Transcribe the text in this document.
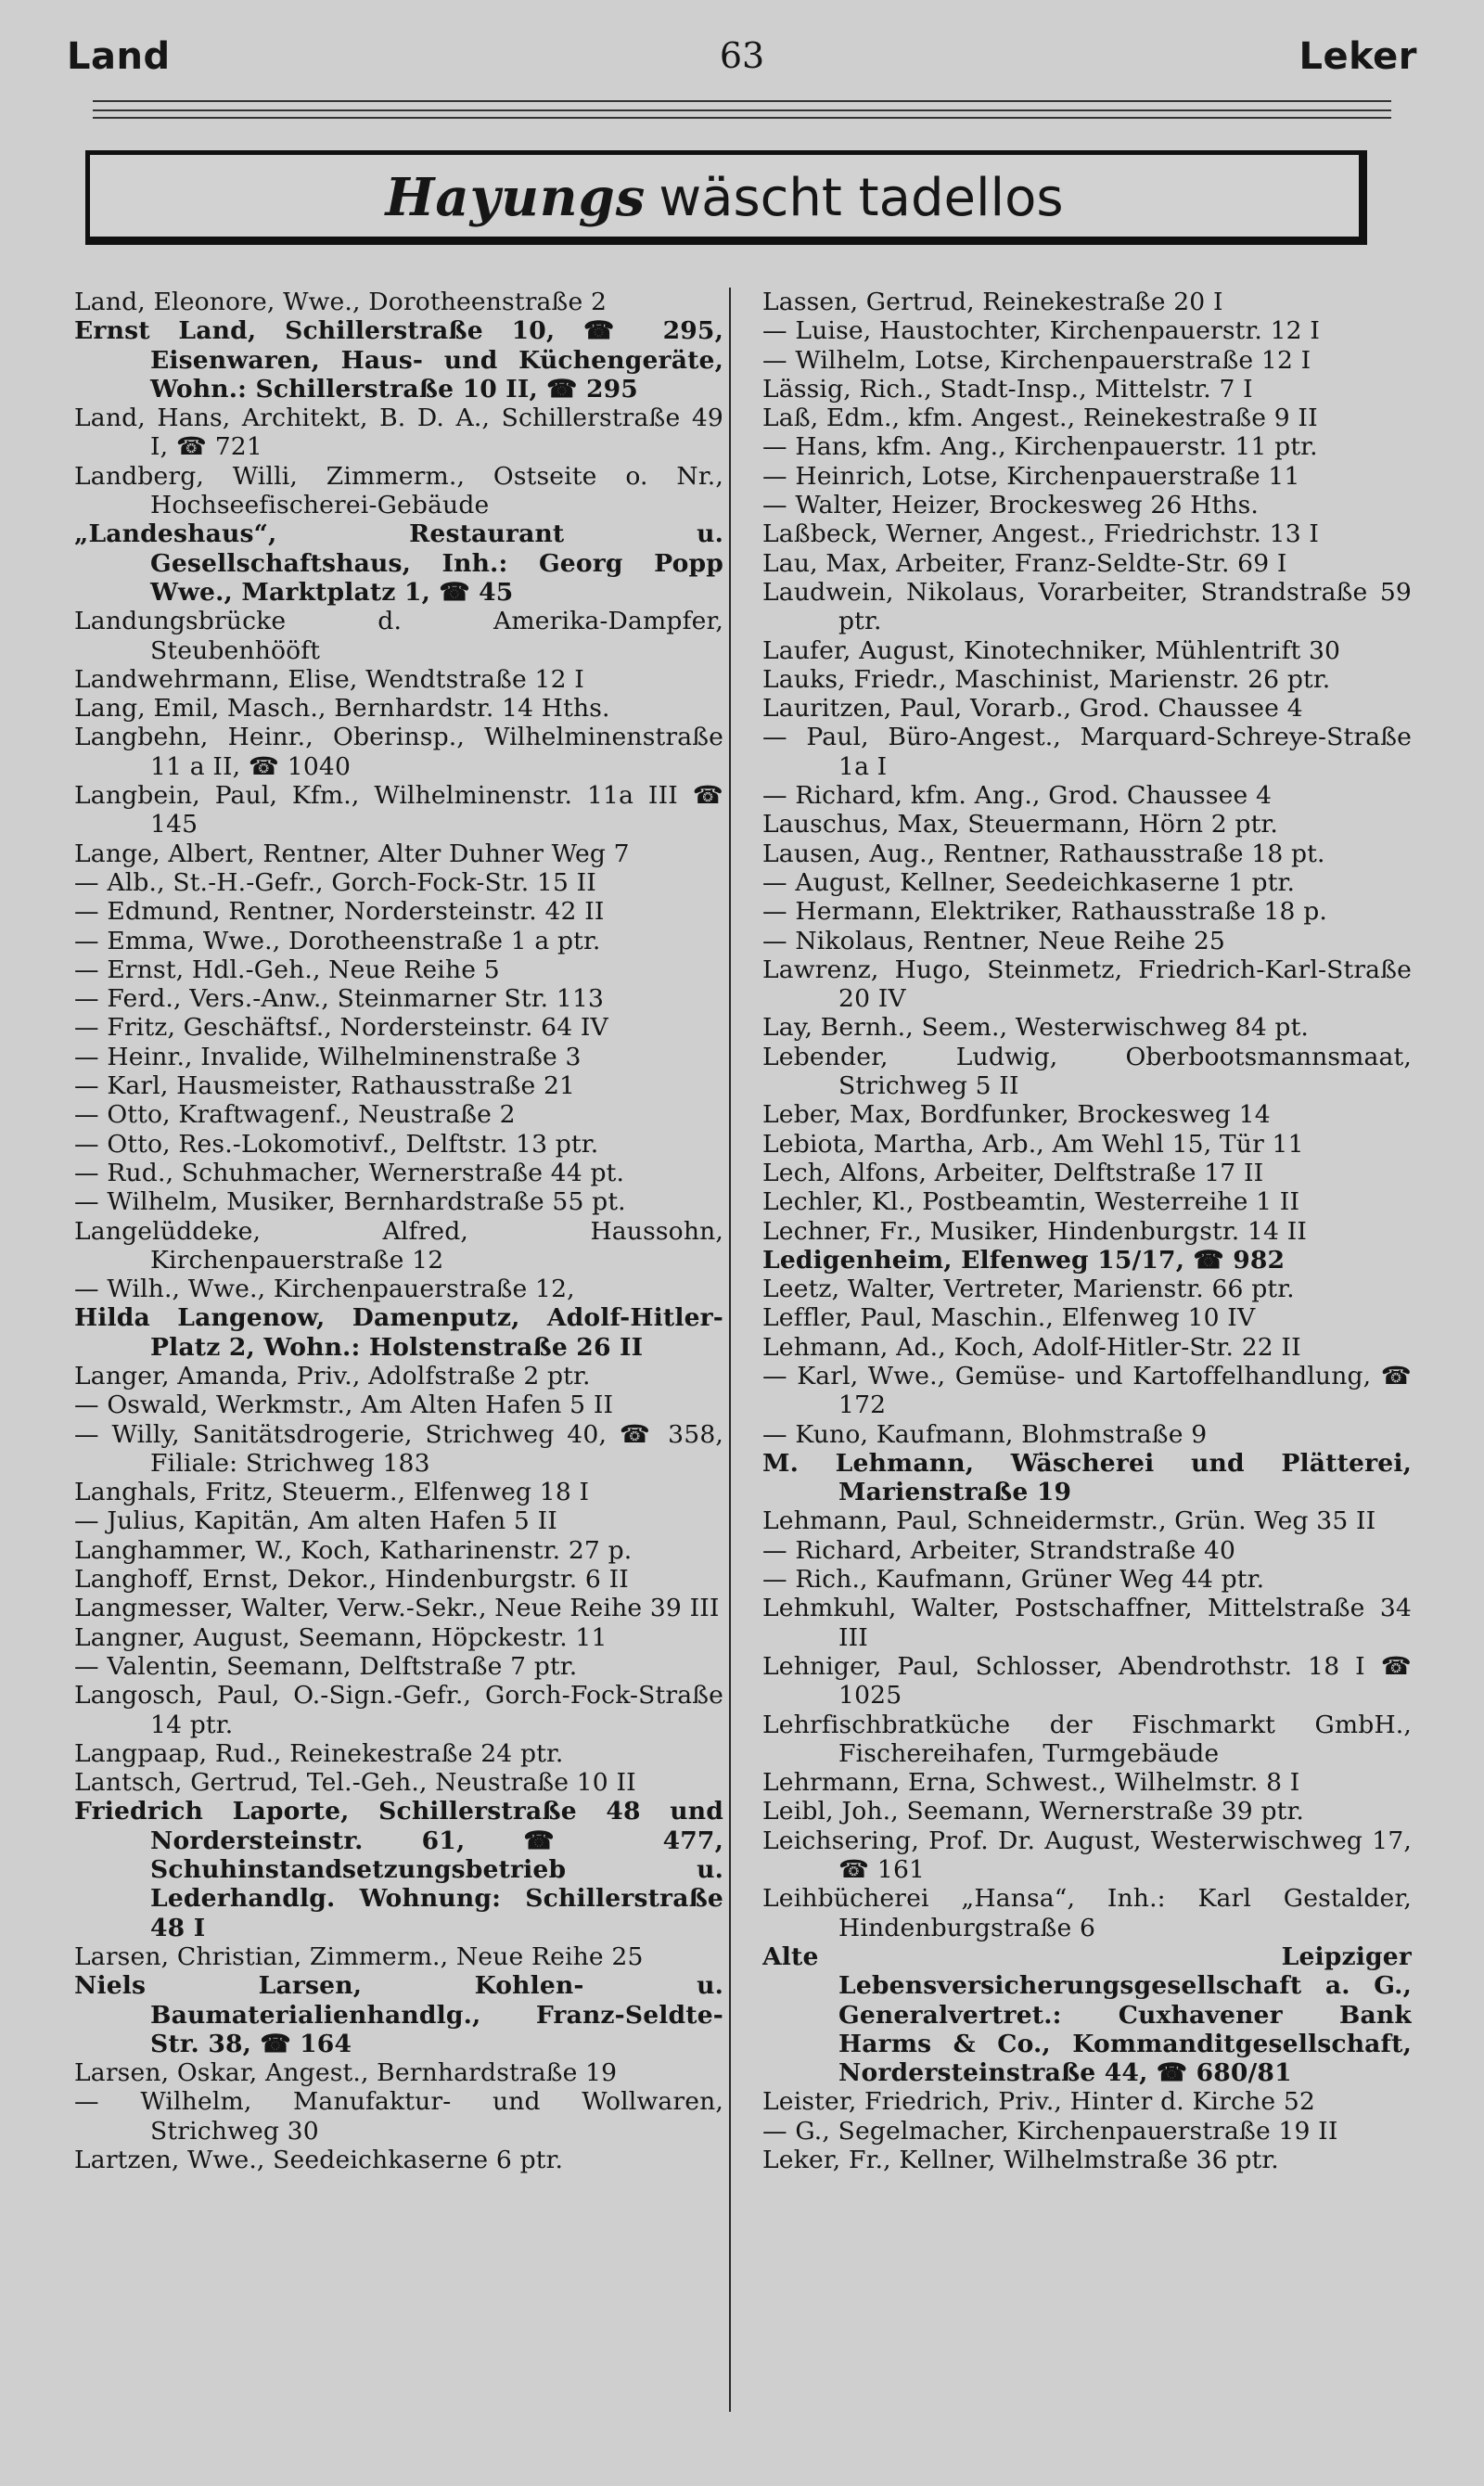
Land	63	Leker
Hayungs wäscht tadellos
Land, Eleonore, Wwe., Dorotheenstraße 2
Ernst Land, Schillerstraße 10, ☎ 295, Eisenwaren, Haus- und Küchengeräte, Wohn.: Schillerstraße 10 II, ☎ 295
Land, Hans, Architekt, B. D. A., Schillerstraße 49 I, ☎ 721
Landberg, Willi, Zimmerm., Ostseite o. Nr., Hochseefischerei-Gebäude
„Landeshaus“, Restaurant u. Gesellschaftshaus, Inh.: Georg Popp Wwe., Marktplatz 1, ☎ 45
Landungsbrücke d. Amerika-Dampfer, Steubenhööft
Landwehrmann, Elise, Wendtstraße 12 I
Lang, Emil, Masch., Bernhardstr. 14 Hths.
Langbehn, Heinr., Oberinsp., Wilhelminenstraße 11 a II, ☎ 1040
Langbein, Paul, Kfm., Wilhelminenstr. 11a III ☎ 145
Lange, Albert, Rentner, Alter Duhner Weg 7
— Alb., St.-H.-Gefr., Gorch-Fock-Str. 15 II
— Edmund, Rentner, Nordersteinstr. 42 II
— Emma, Wwe., Dorotheenstraße 1 a ptr.
— Ernst, Hdl.-Geh., Neue Reihe 5
— Ferd., Vers.-Anw., Steinmarner Str. 113
— Fritz, Geschäftsf., Nordersteinstr. 64 IV
— Heinr., Invalide, Wilhelminenstraße 3
— Karl, Hausmeister, Rathausstraße 21
— Otto, Kraftwagenf., Neustraße 2
— Otto, Res.-Lokomotivf., Delftstr. 13 ptr.
— Rud., Schuhmacher, Wernerstraße 44 pt.
— Wilhelm, Musiker, Bernhardstraße 55 pt.
Langelüddeke, Alfred, Haussohn, Kirchenpauerstraße 12
— Wilh., Wwe., Kirchenpauerstraße 12,
Hilda Langenow, Damenputz, Adolf-Hitler-Platz 2, Wohn.: Holstenstraße 26 II
Langer, Amanda, Priv., Adolfstraße 2 ptr.
— Oswald, Werkmstr., Am Alten Hafen 5 II
— Willy, Sanitätsdrogerie, Strichweg 40, ☎ 358, Filiale: Strichweg 183
Langhals, Fritz, Steuerm., Elfenweg 18 I
— Julius, Kapitän, Am alten Hafen 5 II
Langhammer, W., Koch, Katharinenstr. 27 p.
Langhoff, Ernst, Dekor., Hindenburgstr. 6 II
Langmesser, Walter, Verw.-Sekr., Neue Reihe 39 III
Langner, August, Seemann, Höpckestr. 11
— Valentin, Seemann, Delftstraße 7 ptr.
Langosch, Paul, O.-Sign.-Gefr., Gorch-Fock-Straße 14 ptr.
Langpaap, Rud., Reinekestraße 24 ptr.
Lantsch, Gertrud, Tel.-Geh., Neustraße 10 II
Friedrich Laporte, Schillerstraße 48 und Nordersteinstr. 61, ☎ 477, Schuhinstandsetzungsbetrieb u. Lederhandlg. Wohnung: Schillerstraße 48 I
Larsen, Christian, Zimmerm., Neue Reihe 25
Niels Larsen, Kohlen- u. Baumaterialienhandlg., Franz-Seldte-Str. 38, ☎ 164
Larsen, Oskar, Angest., Bernhardstraße 19
— Wilhelm, Manufaktur- und Wollwaren, Strichweg 30
Lartzen, Wwe., Seedeichkaserne 6 ptr.
Lassen, Gertrud, Reinekestraße 20 I
— Luise, Haustochter, Kirchenpauerstr. 12 I
— Wilhelm, Lotse, Kirchenpauerstraße 12 I
Lässig, Rich., Stadt-Insp., Mittelstr. 7 I
Laß, Edm., kfm. Angest., Reinekestraße 9 II
— Hans, kfm. Ang., Kirchenpauerstr. 11 ptr.
— Heinrich, Lotse, Kirchenpauerstraße 11
— Walter, Heizer, Brockesweg 26 Hths.
Laßbeck, Werner, Angest., Friedrichstr. 13 I
Lau, Max, Arbeiter, Franz-Seldte-Str. 69 I
Laudwein, Nikolaus, Vorarbeiter, Strandstraße 59 ptr.
Laufer, August, Kinotechniker, Mühlentrift 30
Lauks, Friedr., Maschinist, Marienstr. 26 ptr.
Lauritzen, Paul, Vorarb., Grod. Chaussee 4
— Paul, Büro-Angest., Marquard-Schreye-Straße 1a I
— Richard, kfm. Ang., Grod. Chaussee 4
Lauschus, Max, Steuermann, Hörn 2 ptr.
Lausen, Aug., Rentner, Rathausstraße 18 pt.
— August, Kellner, Seedeichkaserne 1 ptr.
— Hermann, Elektriker, Rathausstraße 18 p.
— Nikolaus, Rentner, Neue Reihe 25
Lawrenz, Hugo, Steinmetz, Friedrich-Karl-Straße 20 IV
Lay, Bernh., Seem., Westerwischweg 84 pt.
Lebender, Ludwig, Oberbootsmannsmaat, Strichweg 5 II
Leber, Max, Bordfunker, Brockesweg 14
Lebiota, Martha, Arb., Am Wehl 15, Tür 11
Lech, Alfons, Arbeiter, Delftstraße 17 II
Lechler, Kl., Postbeamtin, Westerreihe 1 II
Lechner, Fr., Musiker, Hindenburgstr. 14 II
Ledigenheim, Elfenweg 15/17, ☎ 982
Leetz, Walter, Vertreter, Marienstr. 66 ptr.
Leffler, Paul, Maschin., Elfenweg 10 IV
Lehmann, Ad., Koch, Adolf-Hitler-Str. 22 II
— Karl, Wwe., Gemüse- und Kartoffelhandlung, ☎ 172
— Kuno, Kaufmann, Blohmstraße 9
M. Lehmann, Wäscherei und Plätterei, Marienstraße 19
Lehmann, Paul, Schneidermstr., Grün. Weg 35 II
— Richard, Arbeiter, Strandstraße 40
— Rich., Kaufmann, Grüner Weg 44 ptr.
Lehmkuhl, Walter, Postschaffner, Mittelstraße 34 III
Lehniger, Paul, Schlosser, Abendrothstr. 18 I ☎ 1025
Lehrfischbratküche der Fischmarkt GmbH., Fischereihafen, Turmgebäude
Lehrmann, Erna, Schwest., Wilhelmstr. 8 I
Leibl, Joh., Seemann, Wernerstraße 39 ptr.
Leichsering, Prof. Dr. August, Westerwischweg 17, ☎ 161
Leihbücherei „Hansa“, Inh.: Karl Gestalder, Hindenburgstraße 6
Alte Leipziger Lebensversicherungsgesellschaft a. G., Generalvertret.: Cuxhavener Bank Harms & Co., Kommanditgesellschaft, Nordersteinstraße 44, ☎ 680/81
Leister, Friedrich, Priv., Hinter d. Kirche 52
— G., Segelmacher, Kirchenpauerstraße 19 II
Leker, Fr., Kellner, Wilhelmstraße 36 ptr.
